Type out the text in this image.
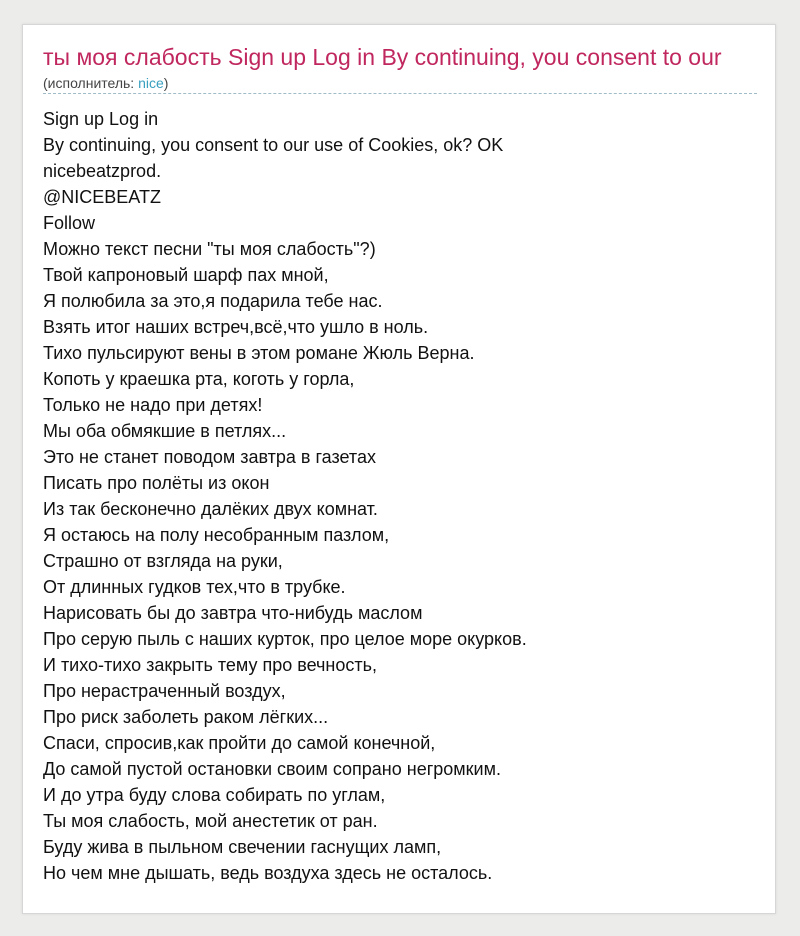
ты моя слабость Sign up Log in By continuing, you consent to our
(исполнитель: nice)
Sign up Log in
By continuing, you consent to our use of Cookies, ok? OK
nicebeatzprod.
@NICEBEATZ
Follow
Можно текст песни "ты моя слабость"?)
Твой капроновый шарф пах мной,
Я полюбила за это,я подарила тебе нас.
Взять итог наших встреч,всё,что ушло в ноль.
Тихо пульсируют вены в этом романе Жюль Верна.
Копоть у краешка рта, коготь у горла,
Только не надо при детях!
Мы оба обмякшие в петлях...
Это не станет поводом завтра в газетах
Писать про полёты из окон
Из так бесконечно далёких двух комнат.
Я остаюсь на полу несобранным пазлом,
Страшно от взгляда на руки,
От длинных гудков тех,что в трубке.
Нарисовать бы до завтра что-нибудь маслом
Про серую пыль с наших курток, про целое море окурков.
И тихо-тихо закрыть тему про вечность,
Про нерастраченный воздух,
Про риск заболеть раком лёгких...
Спаси, спросив,как пройти до самой конечной,
До самой пустой остановки своим сопрано негромким.
И до утра буду слова собирать по углам,
Ты моя слабость, мой анестетик от ран.
Буду жива в пыльном свечении гаснущих ламп,
Но чем мне дышать, ведь воздуха здесь не осталось.
